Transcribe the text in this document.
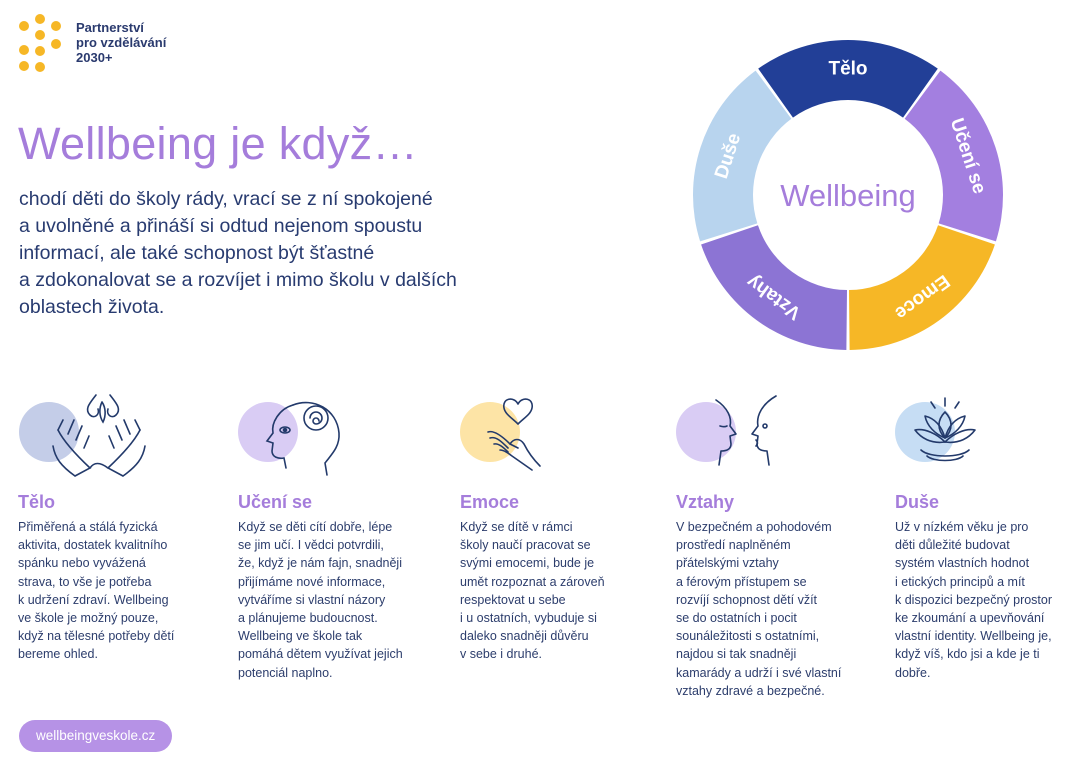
Partnerství
pro vzdělávání
2030+
Wellbeing je když…
chodí děti do školy rády, vrací se z ní spokojené
a uvolněné a přináší si odtud nejenom spoustu
informací, ale také schopnost být šťastné
a zdokonalovat se a rozvíjet i mimo školu v dalších
oblastech života.
Tělo
Učení se
Emoce
Vztahy
Duše
Wellbeing
Tělo
Přiměřená a stálá fyzická
aktivita, dostatek kvalitního
spánku nebo vyvážená
strava, to vše je potřeba
k udržení zdraví. Wellbeing
ve škole je možný pouze,
když na tělesné potřeby dětí
bereme ohled.
Učení se
Když se děti cítí dobře, lépe
se jim učí. I vědci potvrdili,
že, když je nám fajn, snadněji
přijímáme nové informace,
vytváříme si vlastní názory
a plánujeme budoucnost.
Wellbeing ve škole tak
pomáhá dětem využívat jejich
potenciál naplno.
Emoce
Když se dítě v rámci
školy naučí pracovat se
svými emocemi, bude je
umět rozpoznat a zároveň
respektovat u sebe
i u ostatních, vybuduje si
daleko snadněji důvěru
v sebe i druhé.
Vztahy
V bezpečném a pohodovém
prostředí naplněném
přátelskými vztahy
a férovým přístupem se
rozvíjí schopnost dětí vžít
se do ostatních i pocit
sounáležitosti s ostatními,
najdou si tak snadněji
kamarády a udrží i své vlastní
vztahy zdravé a bezpečné.
Duše
Už v nízkém věku je pro
děti důležité budovat
systém vlastních hodnot
i etických principů a mít
k dispozici bezpečný prostor
ke zkoumání a upevňování
vlastní identity. Wellbeing je,
když víš, kdo jsi a kde je ti
dobře.
wellbeingveskole.cz
